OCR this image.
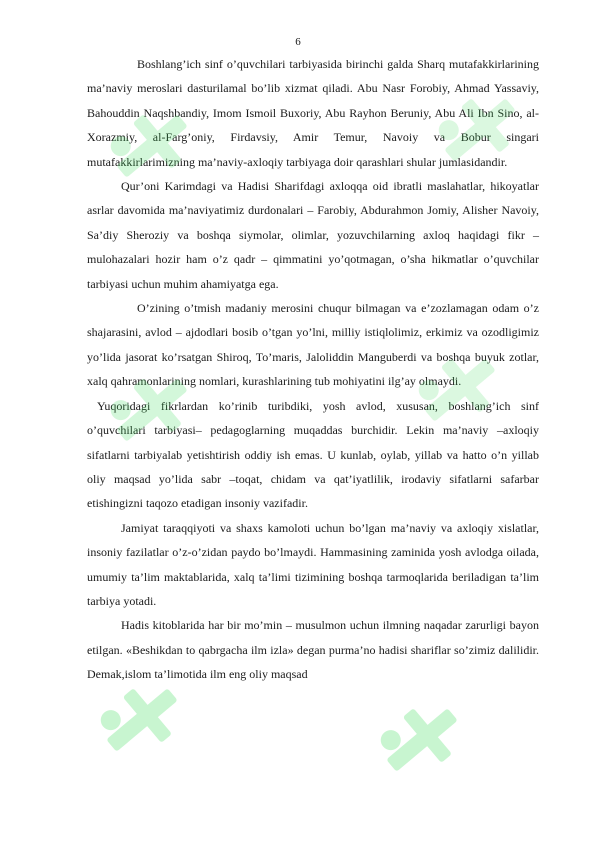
6

Boshlang’ich sinf o’quvchilari tarbiyasida birinchi galda Sharq mutafakkirlarining ma’naviy meroslari dasturilamal bo’lib xizmat qiladi. Abu Nasr Forobiy, Ahmad Yassaviy, Bahouddin Naqshbandiy, Imom Ismoil Buxoriy, Abu Rayhon Beruniy, Abu Ali Ibn Sino, al-Xorazmiy, al-Farg’oniy, Firdavsiy, Amir Temur, Navoiy va Bobur singari mutafakkirlarimizning ma’naviy-axloqiy tarbiyaga doir qarashlari shular jumlasidandir.

Qur’oni Karimdagi va Hadisi Sharifdagi axloqqa oid ibratli maslahatlar, hikoyatlar asrlar davomida ma’naviyatimiz durdonalari – Farobiy, Abdurahmon Jomiy, Alisher Navoiy, Sa’diy Sheroziy va boshqa siymolar, olimlar, yozuvchilarning axloq haqidagi fikr – mulohazalari hozir ham o’z qadr – qimmatini yo’qotmagan, o’sha hikmatlar o’quvchilar tarbiyasi uchun muhim ahamiyatga ega.

O’zining o’tmish madaniy merosini chuqur bilmagan va e’zozlamagan odam o’z shajarasini, avlod – ajdodlari bosib o’tgan yo’lni, milliy istiqlolimiz, erkimiz va ozodligimiz yo’lida jasorat ko’rsatgan Shiroq, To’maris, Jaloliddin Manguberdi va boshqa buyuk zotlar, xalq qahramonlarining nomlari, kurashlarining tub mohiyatini ilg’ay olmaydi.

Yuqoridagi fikrlardan ko’rinib turibdiki, yosh avlod, xususan, boshlang’ich sinf o’quvchilari tarbiyasi– pedagoglarning muqaddas burchidir. Lekin ma’naviy –axloqiy sifatlarni tarbiyalab yetishtirish oddiy ish emas. U kunlab, oylab, yillab va hatto o’n yillab oliy maqsad yo’lida sabr –toqat, chidam va qat’iyatlilik, irodaviy sifatlarni safarbar etishingizni taqozo etadigan insoniy vazifadir.

Jamiyat taraqqiyoti va shaxs kamoloti uchun bo’lgan ma’naviy va axloqiy xislatlar, insoniy fazilatlar o’z-o’zidan paydo bo’lmaydi. Hammasining zaminida yosh avlodga oilada, umumiy ta’lim maktablarida, xalq ta’limi tizimining boshqa tarmoqlarida beriladigan ta’lim tarbiya yotadi.

Hadis kitoblarida har bir mo’min – musulmon uchun ilmning naqadar zarurligi bayon etilgan. «Beshikdan to qabrgacha ilm izla» degan purma’no hadisi shariflar so’zimiz dalilidir. Demak,islom ta’limotida ilm eng oliy maqsad
